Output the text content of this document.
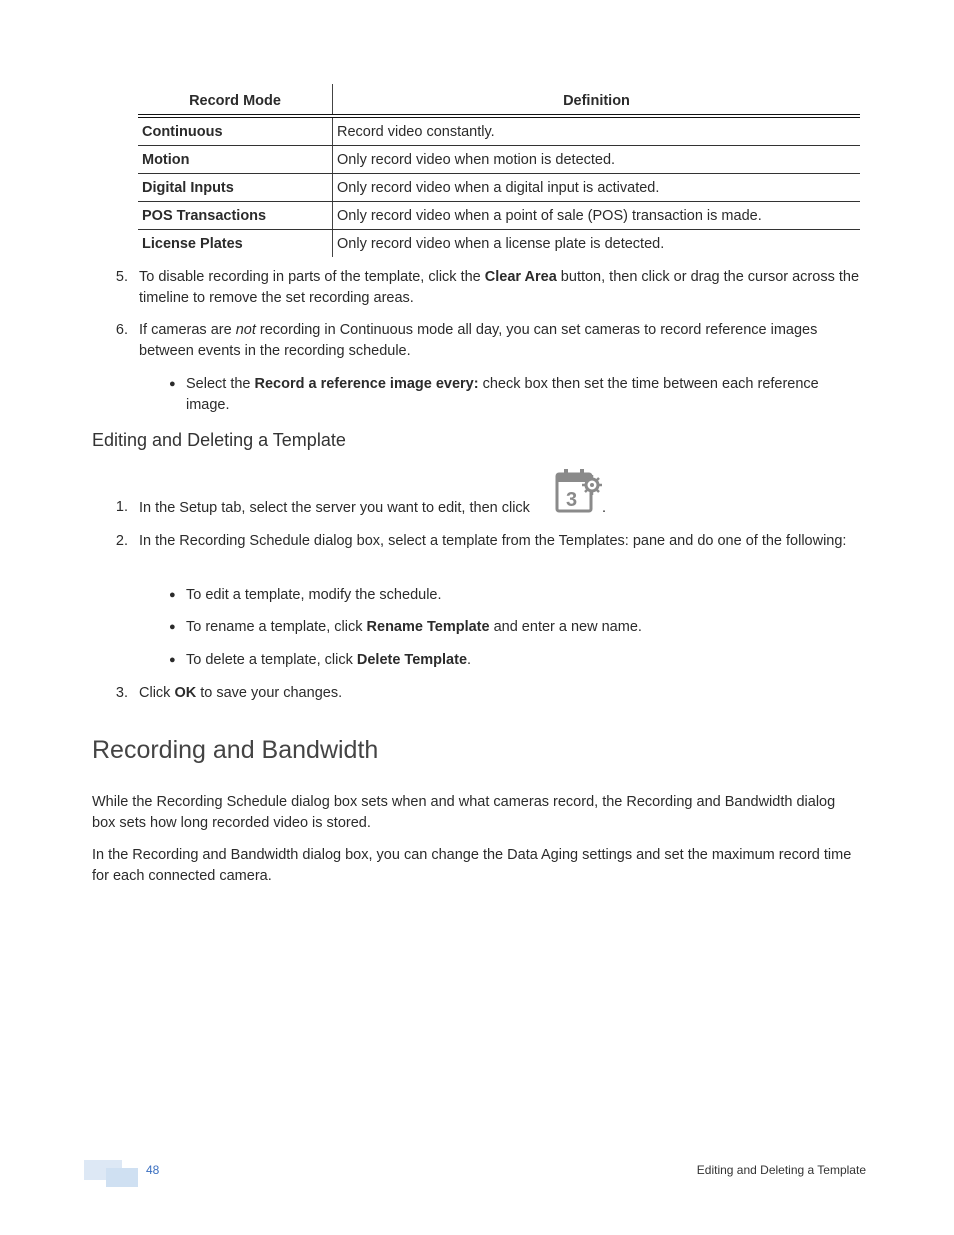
Record Mode	Definition
Continuous	Record video constantly.
Motion	Only record video when motion is detected.
Digital Inputs	Only record video when a digital input is activated.
POS Transactions	Only record video when a point of sale (POS) transaction is made.
License Plates	Only record video when a license plate is detected.
5. To disable recording in parts of the template, click the Clear Area button, then click or drag the cursor across the timeline to remove the set recording areas.
6. If cameras are not recording in Continuous mode all day, you can set cameras to record reference images between events in the recording schedule.
● Select the Record a reference image every: check box then set the time between each reference image.
Editing and Deleting a Template
1. In the Setup tab, select the server you want to edit, then click 3 .
2. In the Recording Schedule dialog box, select a template from the Templates: pane and do one of the following:
● To edit a template, modify the schedule.
● To rename a template, click Rename Template and enter a new name.
● To delete a template, click Delete Template.
3. Click OK to save your changes.
Recording and Bandwidth
While the Recording Schedule dialog box sets when and what cameras record, the Recording and Bandwidth dialog box sets how long recorded video is stored.
In the Recording and Bandwidth dialog box, you can change the Data Aging settings and set the maximum record time for each connected camera.
48	Editing and Deleting a Template
